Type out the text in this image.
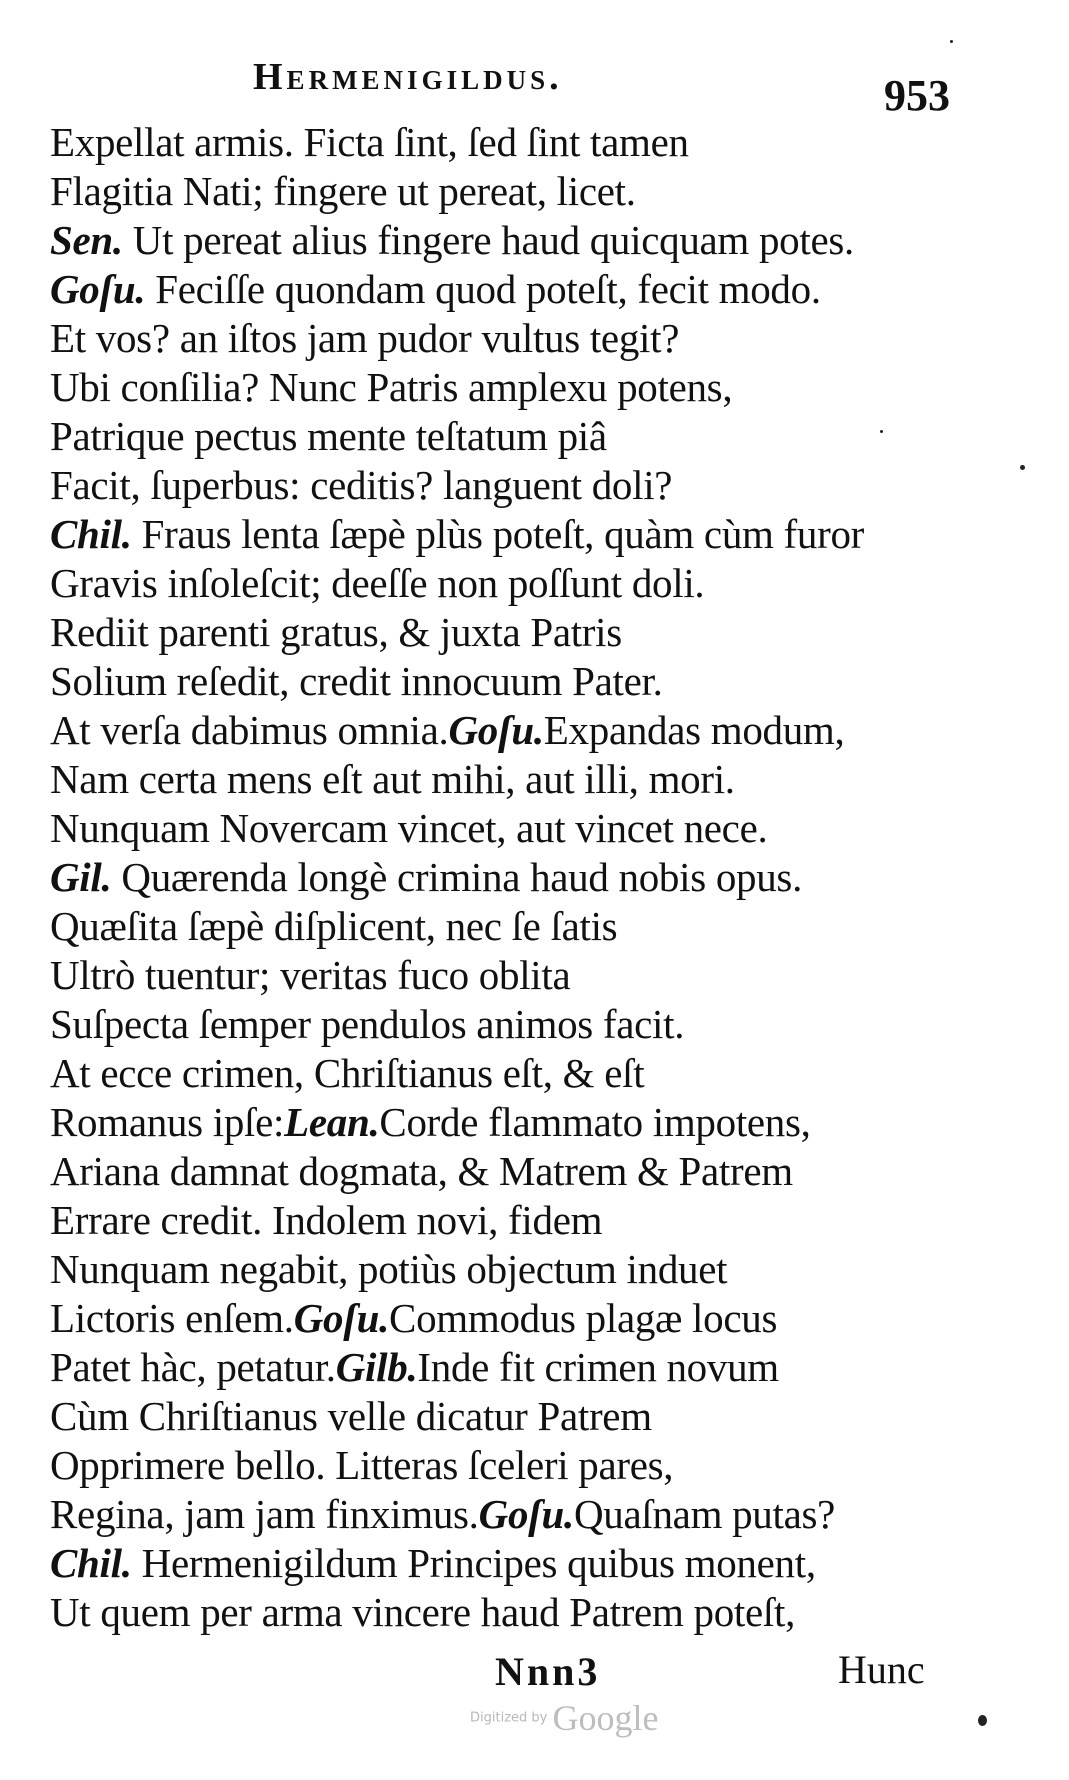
Hermenigildus.	953
Expellat armis. Ficta ſint, ſed ſint tamen
Flagitia Nati; fingere ut pereat, licet.
Sen. Ut pereat alius fingere haud quicquam potes.
Goſu. Feciſſe quondam quod poteſt, fecit modo.
Et vos? an iſtos jam pudor vultus tegit?
Ubi conſilia? Nunc Patris amplexu potens,
Patrique pectus mente teſtatum piâ
Facit, ſuperbus: ceditis? languent doli?
Chil. Fraus lenta ſæpè plùs poteſt, quàm cùm furor
Gravis inſoleſcit; deeſſe non poſſunt doli.
Rediit parenti gratus, & juxta Patris
Solium reſedit, credit innocuum Pater.
At verſa dabimus omnia.Goſu.Expandas modum,
Nam certa mens eſt aut mihi, aut illi, mori.
Nunquam Novercam vincet, aut vincet nece.
Gil. Quærenda longè crimina haud nobis opus.
Quæſita ſæpè diſplicent, nec ſe ſatis
Ultrò tuentur; veritas fuco oblita
Suſpecta ſemper pendulos animos facit.
At ecce crimen, Chriſtianus eſt, & eſt
Romanus ipſe:Lean.Corde flammato impotens,
Ariana damnat dogmata, & Matrem & Patrem
Errare credit. Indolem novi, fidem
Nunquam negabit, potiùs objectum induet
Lictoris enſem.Goſu.Commodus plagæ locus
Patet hàc, petatur.Gilb.Inde fit crimen novum
Cùm Chriſtianus velle dicatur Patrem
Opprimere bello. Litteras ſceleri pares,
Regina, jam jam finximus.Goſu.Quaſnam putas?
Chil. Hermenigildum Principes quibus monent,
Ut quem per arma vincere haud Patrem poteſt,
Nnn3	Hunc
Digitized by Google
